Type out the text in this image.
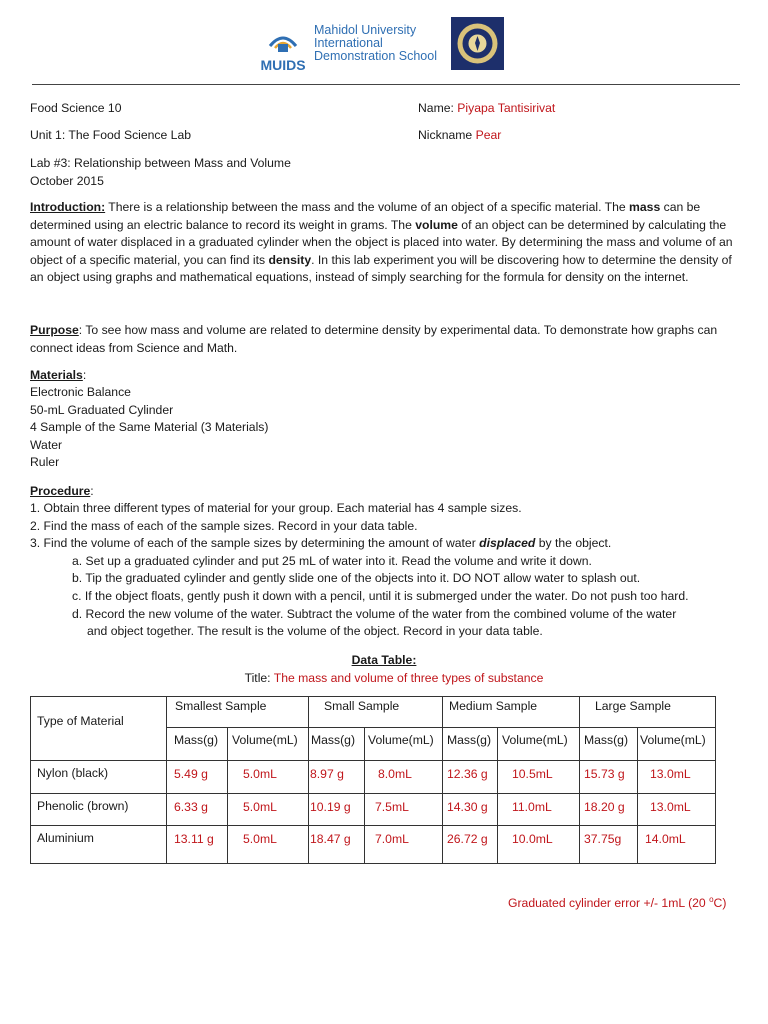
MUIDS
Mahidol University
International
Demonstration School
Food Science 10	Name: Piyapa Tantisirivat
Unit 1: The Food Science Lab	Nickname Pear
Lab #3: Relationship between Mass and Volume
October 2015
Introduction: There is a relationship between the mass and the volume of an object of a specific material. The mass can be determined using an electric balance to record its weight in grams. The volume of an object can be determined by calculating the amount of water displaced in a graduated cylinder when the object is placed into water. By determining the mass and volume of an object of a specific material, you can find its density. In this lab experiment you will be discovering how to determine the density of an object using graphs and mathematical equations, instead of simply searching for the formula for density on the internet.
Purpose: To see how mass and volume are related to determine density by experimental data. To demonstrate how graphs can connect ideas from Science and Math.
Materials:
Electronic Balance
50-mL Graduated Cylinder
4 Sample of the Same Material (3 Materials)
Water
Ruler
Procedure:
1. Obtain three different types of material for your group. Each material has 4 sample sizes.
2. Find the mass of each of the sample sizes. Record in your data table.
3. Find the volume of each of the sample sizes by determining the amount of water displaced by the object.
a. Set up a graduated cylinder and put 25 mL of water into it. Read the volume and write it down.
b. Tip the graduated cylinder and gently slide one of the objects into it. DO NOT allow water to splash out.
c. If the object floats, gently push it down with a pencil, until it is submerged under the water. Do not push too hard.
d. Record the new volume of the water. Subtract the volume of the water from the combined volume of the water
and object together. The result is the volume of the object. Record in your data table.
Data Table:
Title: The mass and volume of three types of substance
Type of Material
Smallest Sample	Small Sample	Medium Sample	Large Sample
Mass(g) Volume(mL) Mass(g) Volume(mL) Mass(g) Volume(mL) Mass(g) Volume(mL)
Nylon (black)	5.49 g	5.0mL	8.97 g	8.0mL	12.36 g 10.5mL	15.73 g 13.0mL
Phenolic (brown)	6.33 g	5.0mL	10.19 g 7.5mL	14.30 g 11.0mL	18.20 g 13.0mL
Aluminium	13.11 g 5.0mL	18.47 g 7.0mL	26.72 g 10.0mL	37.75g 14.0mL
Graduated cylinder error +/- 1mL (20 $^o$C)
